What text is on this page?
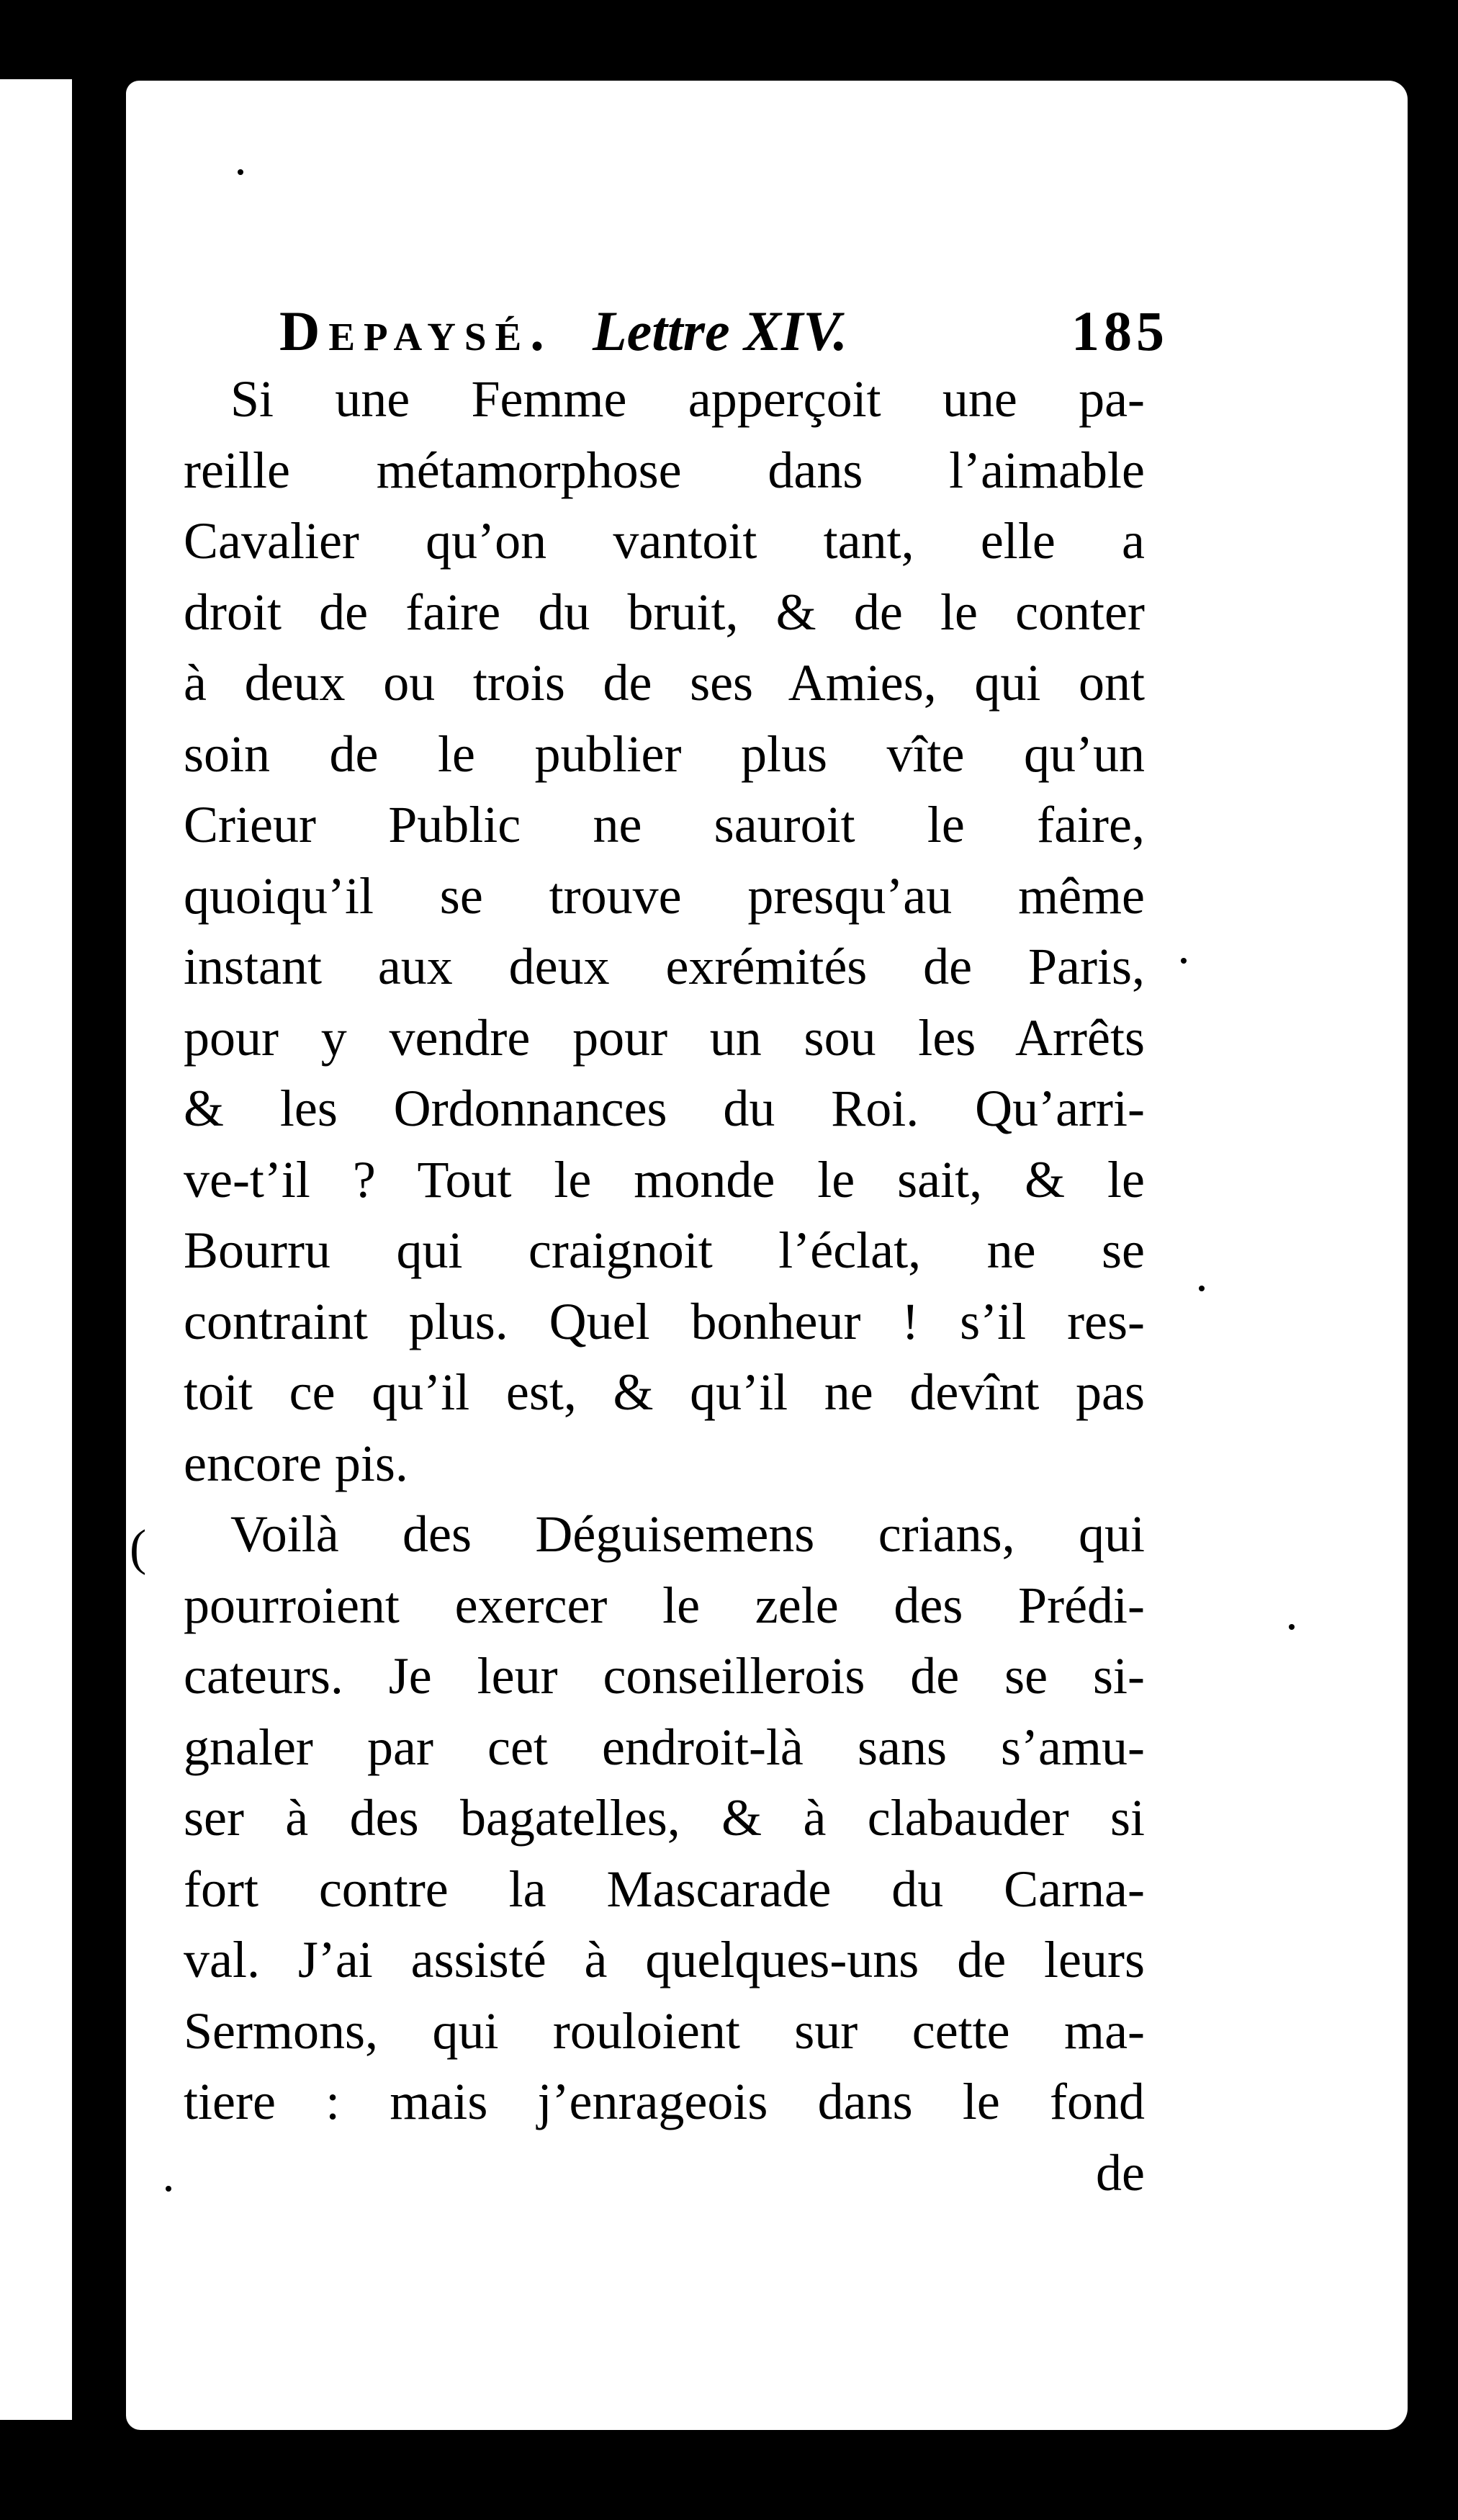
Depaysé. Lettre XIV.	185
(
Si une Femme apperçoit une pa-
reille métamorphose dans l’aimable
Cavalier qu’on vantoit tant, elle a
droit de faire du bruit, & de le conter
à deux ou trois de ses Amies, qui ont
soin de le publier plus vîte qu’un
Crieur Public ne sauroit le faire,
quoiqu’il se trouve presqu’au même
instant aux deux exrémités de Paris,
pour y vendre pour un sou les Arrêts
& les Ordonnances du Roi. Qu’arri-
ve-t’il ? Tout le monde le sait, & le
Bourru qui craignoit l’éclat, ne se
contraint plus. Quel bonheur ! s’il res-
toit ce qu’il est, & qu’il ne devînt pas
encore pis.
Voilà des Déguisemens crians, qui
pourroient exercer le zele des Prédi-
cateurs. Je leur conseillerois de se si-
gnaler par cet endroit-là sans s’amu-
ser à des bagatelles, & à clabauder si
fort contre la Mascarade du Carna-
val. J’ai assisté à quelques-uns de leurs
Sermons, qui rouloient sur cette ma-
tiere : mais j’enrageois dans le fond
de
